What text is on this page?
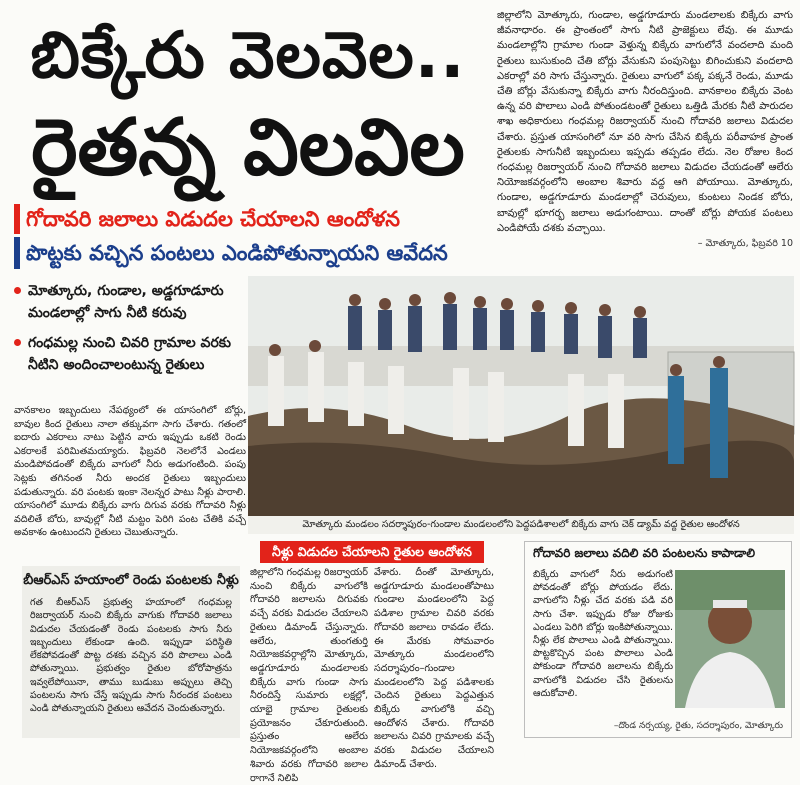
బిక్కేరు వెలవెల..
రైతన్న విలవిల
గోదావరి జలాలు విడుదల చేయాలని ఆందోళన
పొట్టకు వచ్చిన పంటలు ఎండిపోతున్నాయని ఆవేదన
జిల్లాలోని మోత్కూరు, గుండాల, అడ్డగూడూరు మండలాలకు బిక్కేరు వాగు జీవనాధారం. ఈ ప్రాంతంలో సాగు నీటి ప్రాజెక్టులు లేవు. ఈ మూడు మండలాల్లోని గ్రామాల గుండా వెళ్తున్న బిక్కేరు వాగులోనే వందలాది మంది రైతులు బుసుకుంది చేతి బోర్లు వేసుకుని పంపుసెట్టు బిగించుకుని వందలాది ఎకరాల్లో వరి సాగు చేస్తున్నారు. రైతులు వాగులో పక్క పక్కనే రెండు, మూడు చేతి బోర్లు వేసుకున్నా బిక్కేరు వాగు నీరందిస్తుంది. వానకాలం బిక్కేరు వెంట ఉన్న వరి పొలాలు ఎండి పోతుండటంతో రైతులు ఒత్తిడి మేరకు నీటి పారుదల శాఖ అధికారులు గంధమల్ల రిజర్వాయర్ నుంచి గోదావరి జలాలు విడుదల చేశారు. ప్రస్తుత యాసంగిలో నూ వరి సాగు చేసిన బిక్కేరు పరీవాహక ప్రాంత రైతులకు సాగునీటి ఇబ్బందులు ఇప్పడు తప్పడం లేదు. నెల రోజుల కింద గంధమల్ల రిజర్వాయర్ నుంచి గోదావరి జలాలు విడుదల చేయడంతో ఆలేరు నియోజకవర్గంలోని అంబాల శివారు వద్ద ఆగి పోయాయి. మోత్కూరు, గుండాల, అడ్డగూడూరు మండలాల్లో చెరువులు, కుంటలు నిండక బోరు, బావుల్లో భూగర్భ జలాలు అడుగంటాయి. దాంతో బోర్లు పోయక పంటలు ఎండిపోయే దశకు వచ్చాయి.
– మోత్కూరు, ఫిబ్రవరి 10
మోత్కూరు, గుండాల, అడ్డగూడూరు మండలాల్లో సాగు నీటి కరువు
గంధమల్ల నుంచి చివరి గ్రామాల వరకు నీటిని అందించాలంటున్న రైతులు
వానకాలం ఇబ్బందులు నేపథ్యంలో ఈ యాసంగిలో బోర్లు, బావుల కింద రైతులు నాలా తక్కువగా సాగు చేశారు. గతంలో ఐదారు ఎకరాలు నాటు పెట్టిన వారు ఇప్పుడు ఒకటి రెండు ఎకరాలకే పరిమితమయ్యారు. ఫిబ్రవరి నెలలోనే ఎండలు మండిపోవడంతో బిక్కేరు వాగులో నీరు అడుగంటింది. పంపు సెట్లకు తగినంత నీరు అందక రైతులు ఇబ్బందులు పడుతున్నారు. వరి పంటకు ఇంకా నెలన్నర పాటు నీళ్లు పారాలి. యాసంగిలో మూడు బిక్కేరు వాగు దిగువ వరకు గోదావరి నీళ్లు వదిలితే బోరు, బావుల్లో నీటి మట్టం పెరిగి పంట చేతికి వచ్చే అవకాశం ఉంటుందని రైతులు చెబుతున్నారు.
మోత్కూరు మండలం సదర్శాపురం-గుండాల మండలంలోని పెద్దపడిశాలలో బిక్కేరు వాగు చెక్ డ్యామ్ వద్ద రైతుల ఆందోళన
నీళ్లు విడుదల చేయాలని రైతుల ఆందోళన
బీఆర్ఎస్ హయాంలో రెండు పంటలకు నీళ్లు
గత బీఆర్ఎస్ ప్రభుత్వ హయాంలో గంధమల్ల రిజర్వాయర్ నుంచి బిక్కేరు వాగుకు గోదావరి జలాలు విడుదల చేయడంతో రెండు పంటలకు సాగు నీరు ఇబ్బందులు లేకుండా ఉంది. ఇప్పుడా పరిస్థితి లేకపోవడంతో పొట్ట దశకు వచ్చిన వరి పొలాలు ఎండి పోతున్నాయి. ప్రభుత్వం రైతుల బోరోపాత్రను ఇవ్వలేపోయినా, తాము బుడుబు అప్పులు తెచ్చి పంటలను సాగు చేస్తే ఇప్పుడు సాగు నీరందక పంటలు ఎండి పోతున్నాయని రైతులు ఆవేదన చెందుతున్నారు.
జిల్లాలోని గంధమల్ల రిజర్వాయర్ నుంచి బిక్కేరు వాగులోకి గోదావరి జలాలను దిగువకు వచ్చే వరకు విడుదల చేయాలని రైతులు డిమాండ్ చేస్తున్నారు. ఆలేరు, తుంగతుర్తి నియోజకవర్గాల్లోని మోత్కూరు, అడ్డగూడూరు మండలాలకు బిక్కేరు వాగు గుండా సాగు నీరందిస్తే సుమారు లక్షల్లో, యాభై గ్రామాల రైతులకు ప్రయోజనం చేకూరుతుంది. ప్రస్తుతం ఆలేరు నియోజకవర్గంలోని అంబాల శివారు వరకు గోదావరి జలాల రాగానే నిలిపి
వేశారు. దీంతో మోత్కూరు, అడ్డగూడూరు మండలంతోపాటు గుండాల మండలంలోని పెద్ద పడిశాల గ్రామాల చివరి వరకు గోదావరి జలాలు రావడం లేదు. ఈ మేరకు సోమవారం మోత్కూరు మండలంలోని సదర్శాపురం–గుండాల మండలంలోని పెద్ద పడిశాలకు చెందిన రైతులు పెద్దఎత్తున బిక్కేరు వాగులోకి వచ్చి ఆందోళన చేశారు. గోదావరి జలాలను చివరి గ్రామాలకు వచ్చే వరకు విడుదల చేయాలని డిమాండ్ చేశారు.
గోదావరి జలాలు వదిలి వరి పంటలను కాపాడాలి
బిక్కేరు వాగులో నీరు అడుగంటి పోవడంతో బోర్లు పోయడం లేదు. వాగులోని నీళ్లు చేద వరకు పడి వరి సాగు చేశా. ఇప్పుడు రోజు రోజుకు ఎండలు పెరిగి బోర్లు ఇంకిపోతున్నాయి. నీళ్లు లేక పొలాలు ఎండి పోతున్నాయి. పొట్టకొచ్చిన పంట పొలాలు ఎండి పోకుండా గోదావరి జలాలను బిక్కేరు వాగులోకి విడుదల చేసి రైతులను ఆదుకోవాలి.
–దొండ నర్సయ్య, రైతు, సదర్శాపురం, మోత్కూరు
